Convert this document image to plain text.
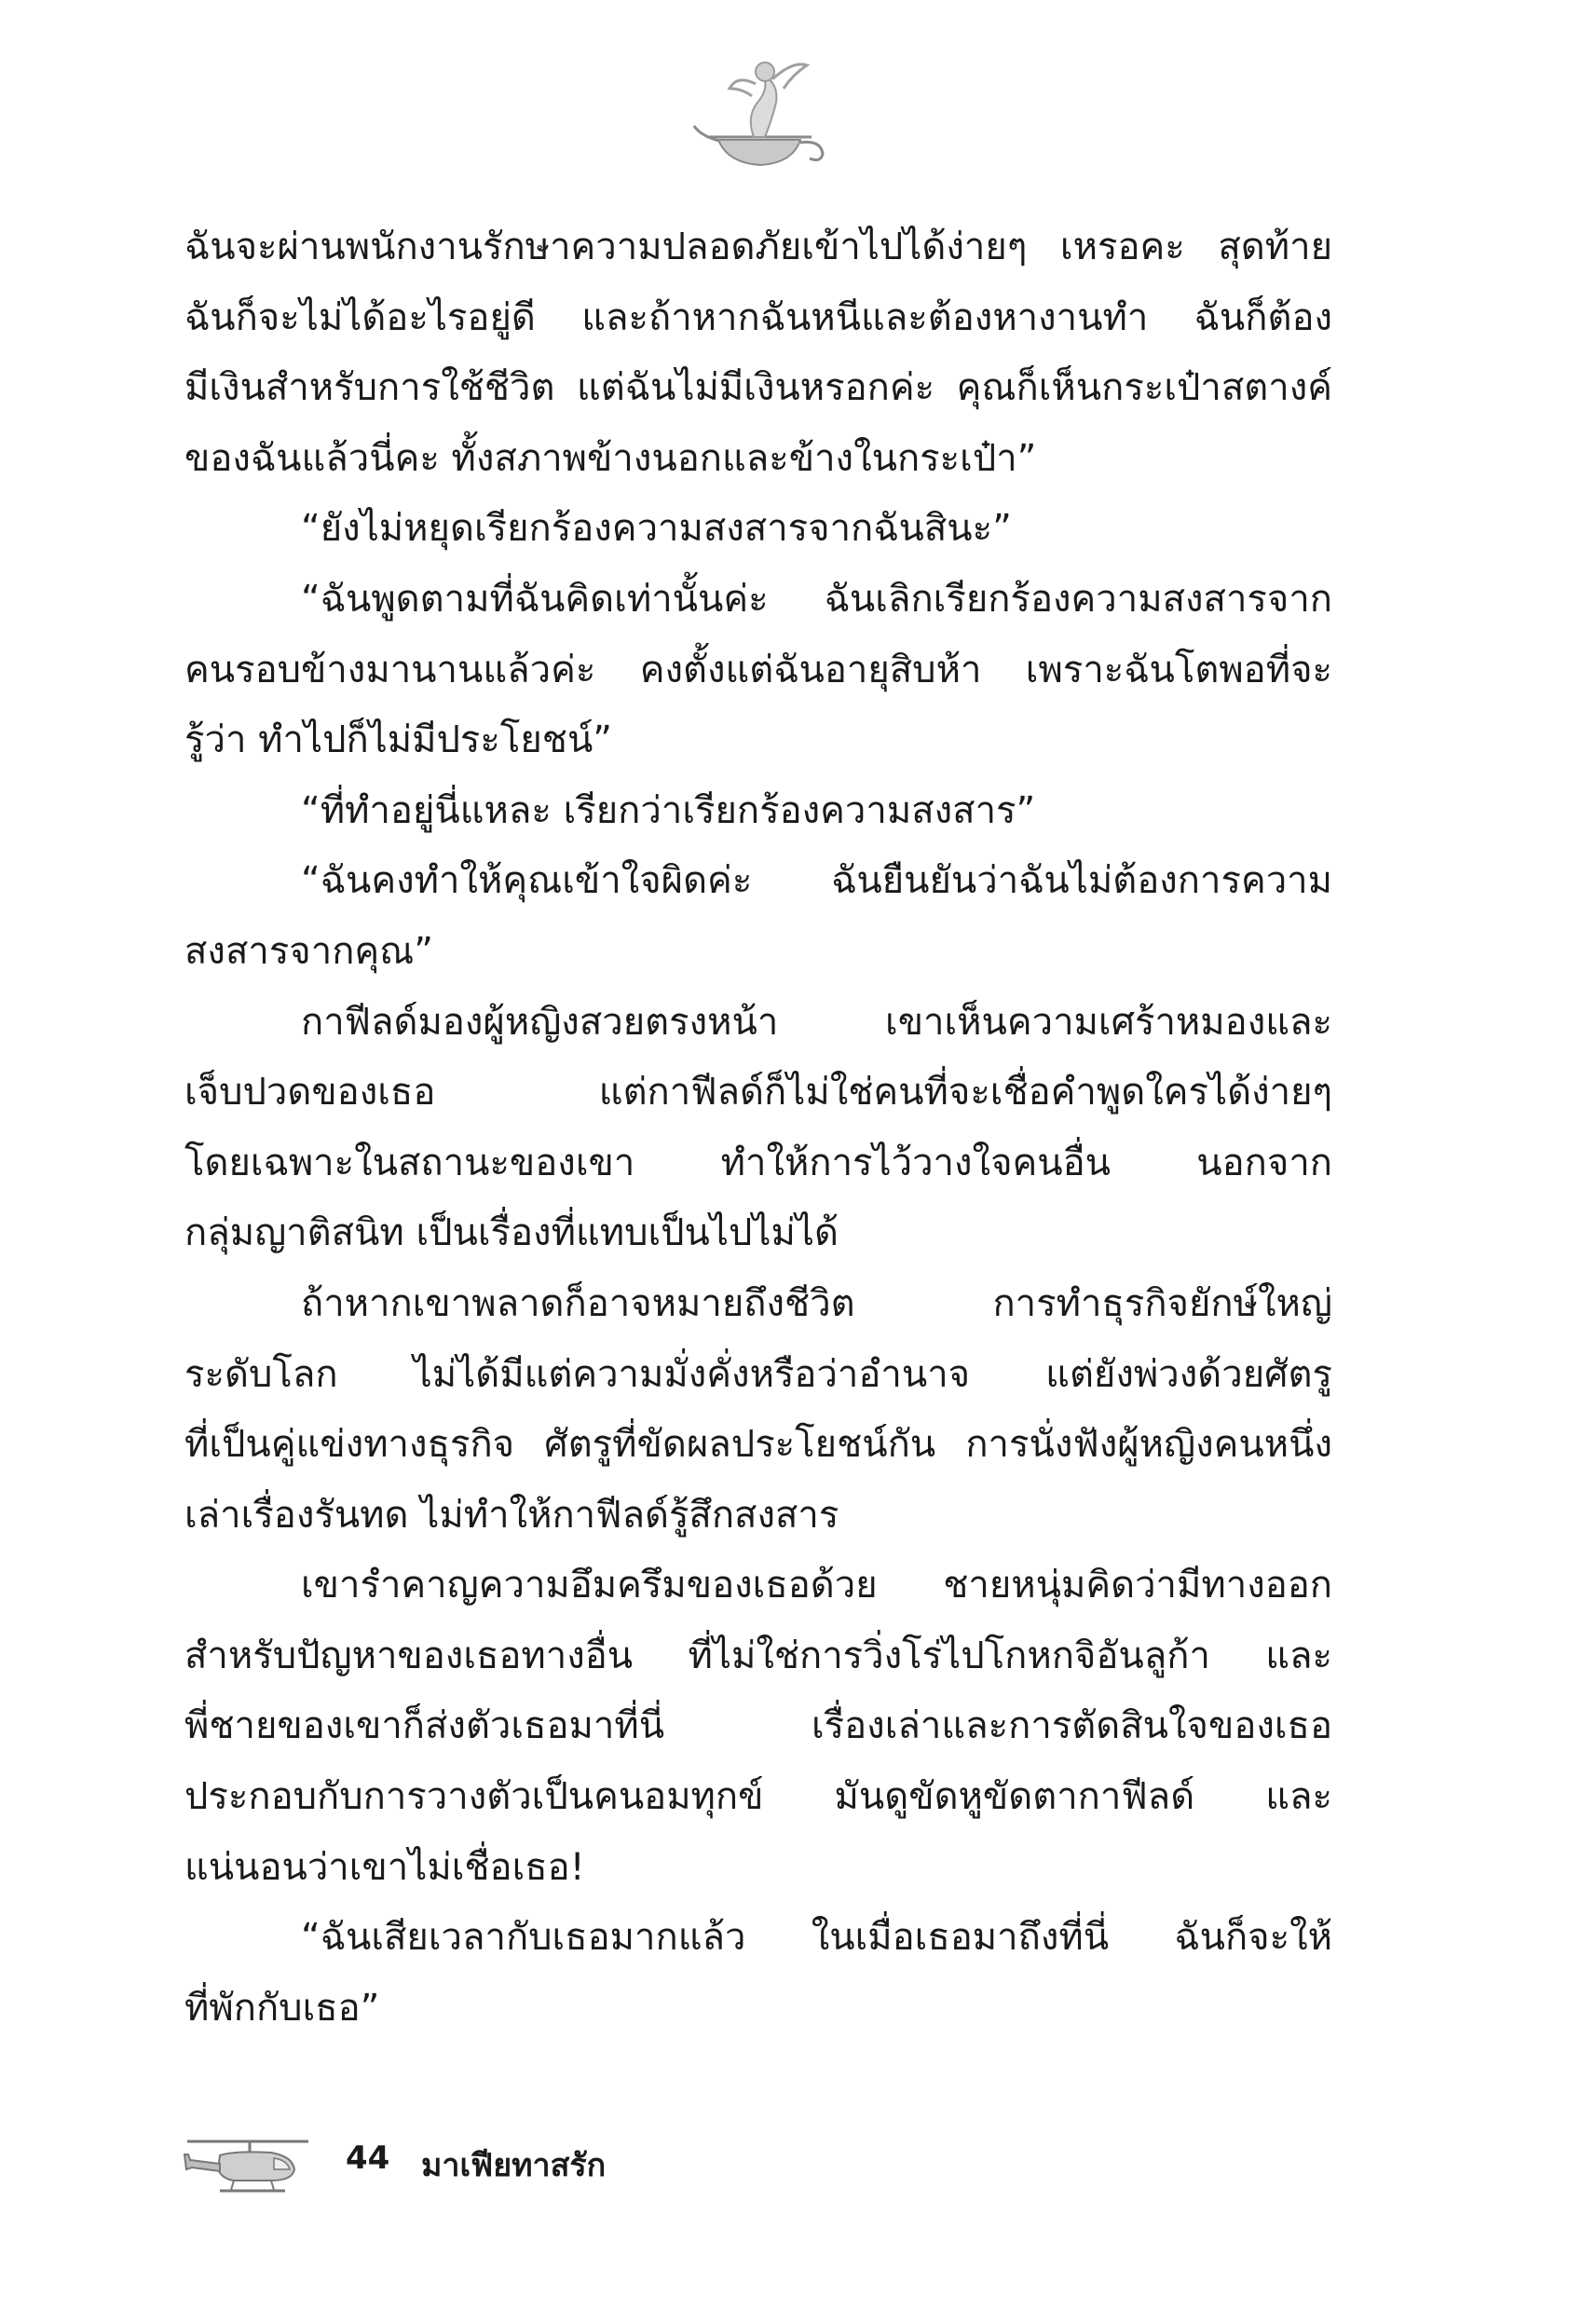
ฉันจะผ่านพนักงานรักษาความปลอดภัยเข้าไปได้ง่ายๆ เหรอคะ สุดท้าย
ฉันก็จะไม่ได้อะไรอยู่ดี และถ้าหากฉันหนีและต้องหางานทำ ฉันก็ต้อง
มีเงินสำหรับการใช้ชีวิต แต่ฉันไม่มีเงินหรอกค่ะ คุณก็เห็นกระเป๋าสตางค์
ของฉันแล้วนี่คะ ทั้งสภาพข้างนอกและข้างในกระเป๋า”
“ยังไม่หยุดเรียกร้องความสงสารจากฉันสินะ”
“ฉันพูดตามที่ฉันคิดเท่านั้นค่ะ ฉันเลิกเรียกร้องความสงสารจาก
คนรอบข้างมานานแล้วค่ะ คงตั้งแต่ฉันอายุสิบห้า เพราะฉันโตพอที่จะ
รู้ว่า ทำไปก็ไม่มีประโยชน์”
“ที่ทำอยู่นี่แหละ เรียกว่าเรียกร้องความสงสาร”
“ฉันคงทำให้คุณเข้าใจผิดค่ะ ฉันยืนยันว่าฉันไม่ต้องการความ
สงสารจากคุณ”
กาฟีลด์มองผู้หญิงสวยตรงหน้า เขาเห็นความเศร้าหมองและ
เจ็บปวดของเธอ แต่กาฟีลด์ก็ไม่ใช่คนที่จะเชื่อคำพูดใครได้ง่ายๆ
โดยเฉพาะในสถานะของเขา ทำให้การไว้วางใจคนอื่น นอกจาก
กลุ่มญาติสนิท เป็นเรื่องที่แทบเป็นไปไม่ได้
ถ้าหากเขาพลาดก็อาจหมายถึงชีวิต การทำธุรกิจยักษ์ใหญ่
ระดับโลก ไม่ได้มีแต่ความมั่งคั่งหรือว่าอำนาจ แต่ยังพ่วงด้วยศัตรู
ที่เป็นคู่แข่งทางธุรกิจ ศัตรูที่ขัดผลประโยชน์กัน การนั่งฟังผู้หญิงคนหนึ่ง
เล่าเรื่องรันทด ไม่ทำให้กาฟีลด์รู้สึกสงสาร
เขารำคาญความอึมครึมของเธอด้วย ชายหนุ่มคิดว่ามีทางออก
สำหรับปัญหาของเธอทางอื่น ที่ไม่ใช่การวิ่งโร่ไปโกหกจิอันลูก้า และ
พี่ชายของเขาก็ส่งตัวเธอมาที่นี่ เรื่องเล่าและการตัดสินใจของเธอ
ประกอบกับการวางตัวเป็นคนอมทุกข์ มันดูขัดหูขัดตากาฟีลด์ และ
แน่นอนว่าเขาไม่เชื่อเธอ!
“ฉันเสียเวลากับเธอมากแล้ว ในเมื่อเธอมาถึงที่นี่ ฉันก็จะให้
ที่พักกับเธอ”
44 มาเฟียทาสรัก
